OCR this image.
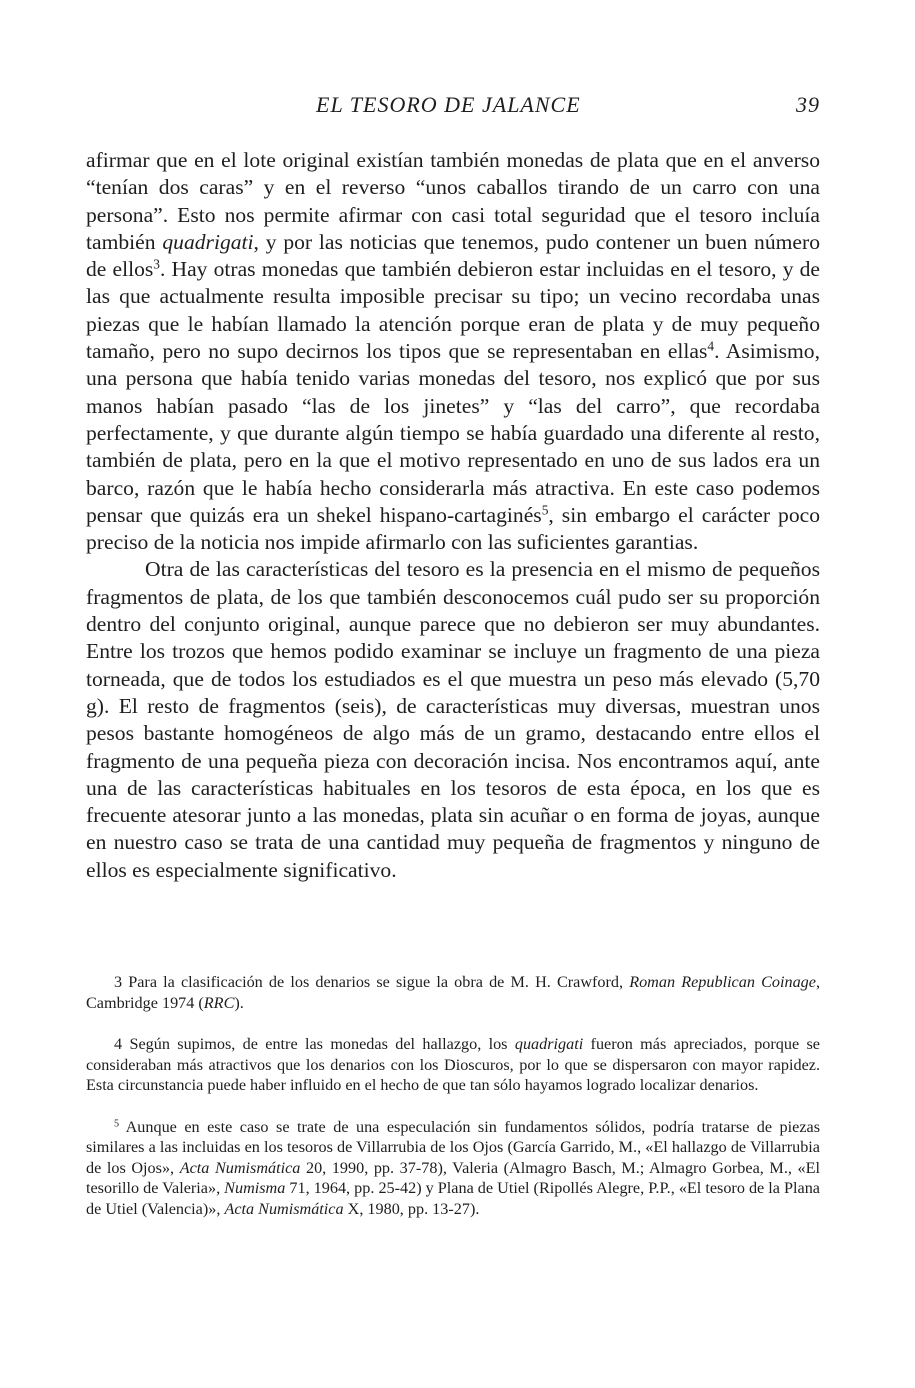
EL TESORO DE JALANCE	39

afirmar que en el lote original existían también monedas de plata que en el anverso “tenían dos caras” y en el reverso “unos caballos tirando de un carro con una persona”. Esto nos permite afirmar con casi total seguridad que el tesoro incluía también quadrigati, y por las noticias que tenemos, pudo contener un buen número de ellos$^3$. Hay otras monedas que también debieron estar incluidas en el tesoro, y de las que actualmente resulta imposible precisar su tipo; un vecino recordaba unas piezas que le habían llamado la atención porque eran de plata y de muy pequeño tamaño, pero no supo decirnos los tipos que se representaban en ellas$^4$. Asimismo, una persona que había tenido varias monedas del tesoro, nos explicó que por sus manos habían pasado “las de los jinetes” y “las del carro”, que recordaba perfectamente, y que durante algún tiempo se había guardado una diferente al resto, también de plata, pero en la que el motivo representado en uno de sus lados era un barco, razón que le había hecho considerarla más atractiva. En este caso podemos pensar que quizás era un shekel hispano-cartaginés$^5$, sin embargo el carácter poco preciso de la noticia nos impide afirmarlo con las suficientes garantias.

Otra de las características del tesoro es la presencia en el mismo de pequeños fragmentos de plata, de los que también desconocemos cuál pudo ser su proporción dentro del conjunto original, aunque parece que no debieron ser muy abundantes. Entre los trozos que hemos podido examinar se incluye un fragmento de una pieza torneada, que de todos los estudiados es el que muestra un peso más elevado (5,70 g). El resto de fragmentos (seis), de características muy diversas, muestran unos pesos bastante homogéneos de algo más de un gramo, destacando entre ellos el fragmento de una pequeña pieza con decoración incisa. Nos encontramos aquí, ante una de las características habituales en los tesoros de esta época, en los que es frecuente atesorar junto a las monedas, plata sin acuñar o en forma de joyas, aunque en nuestro caso se trata de una cantidad muy pequeña de fragmentos y ninguno de ellos es especialmente significativo.

3 Para la clasificación de los denarios se sigue la obra de M. H. Crawford, Roman Republican Coinage, Cambridge 1974 (RRC).

4 Según supimos, de entre las monedas del hallazgo, los quadrigati fueron más apreciados, porque se consideraban más atractivos que los denarios con los Dioscuros, por lo que se dispersaron con mayor rapidez. Esta circunstancia puede haber influido en el hecho de que tan sólo hayamos logrado localizar denarios.

$^5$ Aunque en este caso se trate de una especulación sin fundamentos sólidos, podría tratarse de piezas similares a las incluidas en los tesoros de Villarrubia de los Ojos (García Garrido, M., «El hallazgo de Villarrubia de los Ojos», Acta Numismática 20, 1990, pp. 37-78), Valeria (Almagro Basch, M.; Almagro Gorbea, M., «El tesorillo de Valeria», Numisma 71, 1964, pp. 25-42) y Plana de Utiel (Ripollés Alegre, P.P., «El tesoro de la Plana de Utiel (Valencia)», Acta Numismática X, 1980, pp. 13-27).
